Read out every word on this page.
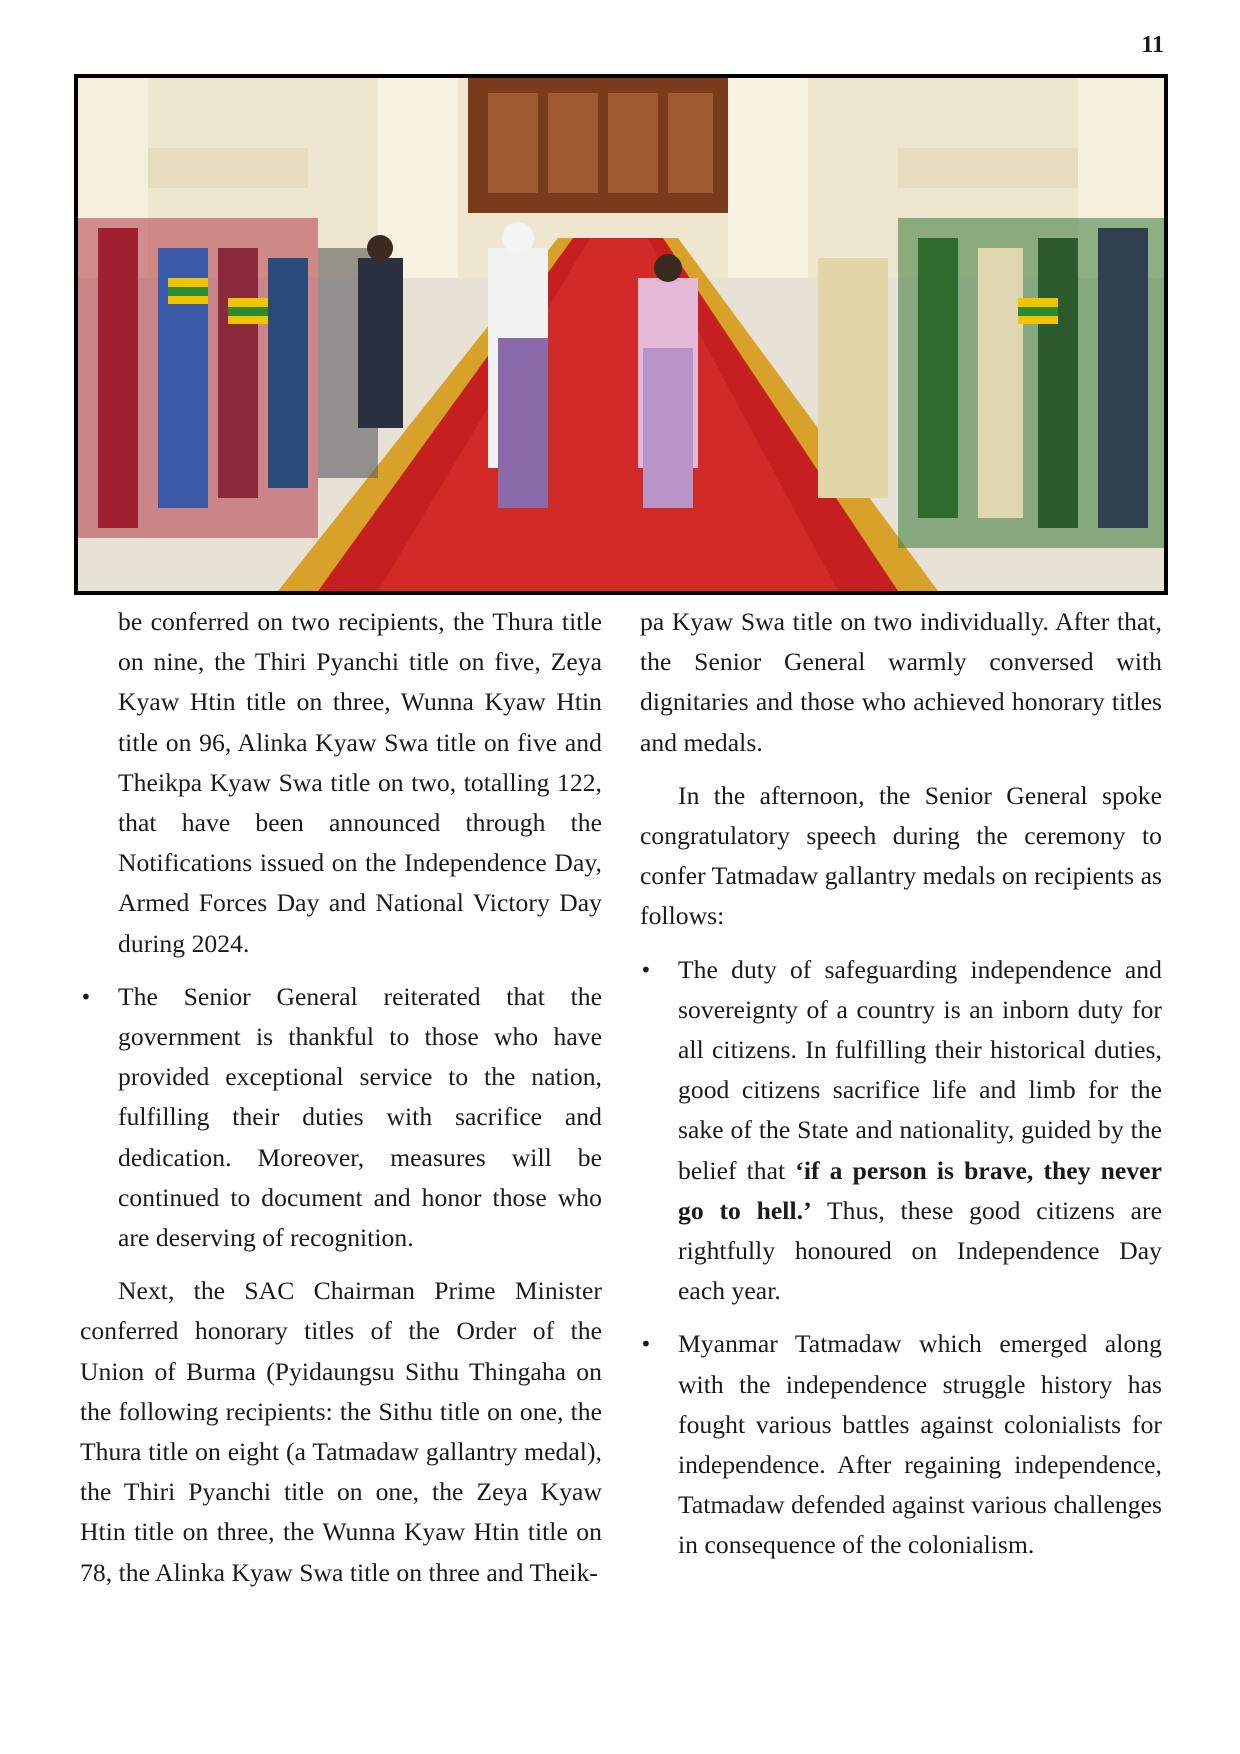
11

be conferred on two recipients, the Thura title on nine, the Thiri Pyanchi title on five, Zeya Kyaw Htin title on three, Wunna Kyaw Htin title on 96, Alinka Kyaw Swa title on five and Theikpa Kyaw Swa title on two, totalling 122, that have been announced through the Notifications issued on the Independence Day, Armed Forces Day and National Victory Day during 2024.

• The Senior General reiterated that the government is thankful to those who have provided exceptional service to the nation, fulfilling their duties with sacrifice and dedication. Moreover, measures will be continued to document and honor those who are deserving of recognition.

Next, the SAC Chairman Prime Minister conferred honorary titles of the Order of the Union of Burma (Pyidaungsu Sithu Thingaha on the following recipients: the Sithu title on one, the Thura title on eight (a Tatmadaw gallantry medal), the Thiri Pyanchi title on one, the Zeya Kyaw Htin title on three, the Wunna Kyaw Htin title on 78, the Alinka Kyaw Swa title on three and Theik-

pa Kyaw Swa title on two individually. After that, the Senior General warmly conversed with dignitaries and those who achieved honorary titles and medals.

In the afternoon, the Senior General spoke congratulatory speech during the ceremony to confer Tatmadaw gallantry medals on recipients as follows:

• The duty of safeguarding independence and sovereignty of a country is an inborn duty for all citizens. In fulfilling their historical duties, good citizens sacrifice life and limb for the sake of the State and nationality, guided by the belief that ‘if a person is brave, they never go to hell.’ Thus, these good citizens are rightfully honoured on Independence Day each year.
• Myanmar Tatmadaw which emerged along with the independence struggle history has fought various battles against colonialists for independence. After regaining independence, Tatmadaw defended against various challenges in consequence of the colonialism.
